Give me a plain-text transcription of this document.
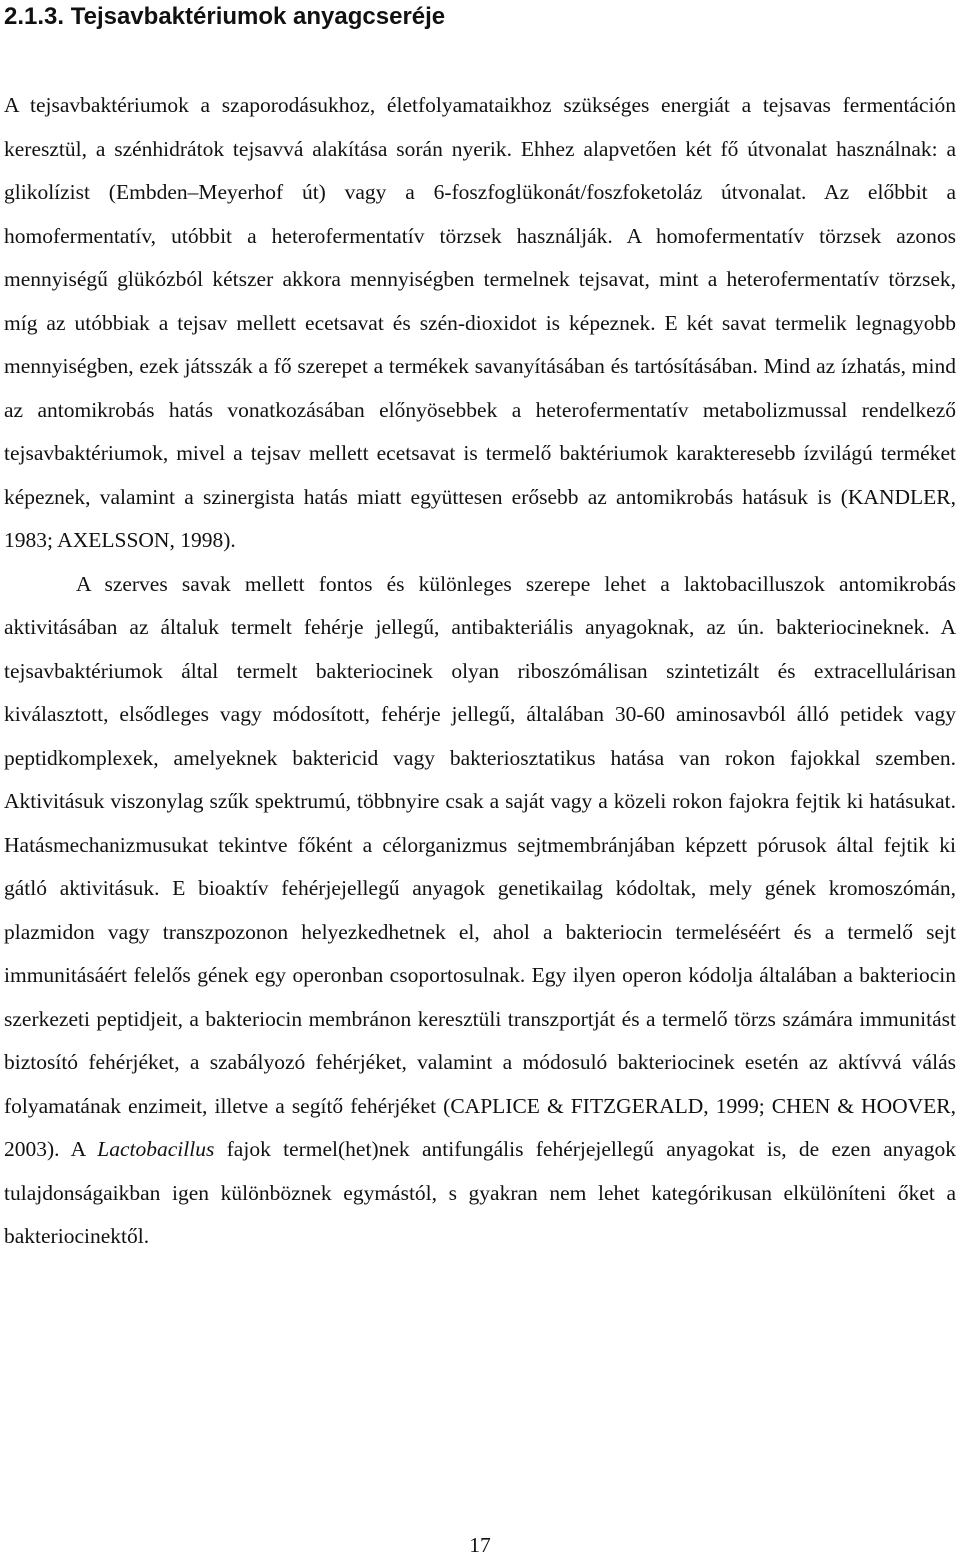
2.1.3. Tejsavbaktériumok anyagcseréje

A tejsavbaktériumok a szaporodásukhoz, életfolyamataikhoz szükséges energiát a tejsavas fermentáción keresztül, a szénhidrátok tejsavvá alakítása során nyerik. Ehhez alapvetően két fő útvonalat használnak: a glikolízist (Embden–Meyerhof út) vagy a 6-foszfoglükonát/foszfoketoláz útvonalat. Az előbbit a homofermentatív, utóbbit a heterofermentatív törzsek használják. A homofermentatív törzsek azonos mennyiségű glükózból kétszer akkora mennyiségben termelnek tejsavat, mint a heterofermentatív törzsek, míg az utóbbiak a tejsav mellett ecetsavat és szén-dioxidot is képeznek. E két savat termelik legnagyobb mennyiségben, ezek játsszák a fő szerepet a termékek savanyításában és tartósításában. Mind az ízhatás, mind az antomikrobás hatás vonatkozásában előnyösebbek a heterofermentatív metabolizmussal rendelkező tejsavbaktériumok, mivel a tejsav mellett ecetsavat is termelő baktériumok karakteresebb ízvilágú terméket képeznek, valamint a szinergista hatás miatt együttesen erősebb az antomikrobás hatásuk is (KANDLER, 1983; AXELSSON, 1998).

A szerves savak mellett fontos és különleges szerepe lehet a laktobacilluszok antomikrobás aktivitásában az általuk termelt fehérje jellegű, antibakteriális anyagoknak, az ún. bakteriocineknek. A tejsavbaktériumok által termelt bakteriocinek olyan riboszómálisan szintetizált és extracellulárisan kiválasztott, elsődleges vagy módosított, fehérje jellegű, általában 30-60 aminosavból álló petidek vagy peptidkomplexek, amelyeknek baktericid vagy bakteriosztatikus hatása van rokon fajokkal szemben. Aktivitásuk viszonylag szűk spektrumú, többnyire csak a saját vagy a közeli rokon fajokra fejtik ki hatásukat. Hatásmechanizmusukat tekintve főként a célorganizmus sejtmembránjában képzett pórusok által fejtik ki gátló aktivitásuk. E bioaktív fehérjejellegű anyagok genetikailag kódoltak, mely gének kromoszómán, plazmidon vagy transzpozonon helyezkedhetnek el, ahol a bakteriocin termeléséért és a termelő sejt immunitásáért felelős gének egy operonban csoportosulnak. Egy ilyen operon kódolja általában a bakteriocin szerkezeti peptidjeit, a bakteriocin membránon keresztüli transzportját és a termelő törzs számára immunitást biztosító fehérjéket, a szabályozó fehérjéket, valamint a módosuló bakteriocinek esetén az aktívvá válás folyamatának enzimeit, illetve a segítő fehérjéket (CAPLICE & FITZGERALD, 1999; CHEN & HOOVER, 2003). A Lactobacillus fajok termel(het)nek antifungális fehérjejellegű anyagokat is, de ezen anyagok tulajdonságaikban igen különböznek egymástól, s gyakran nem lehet kategórikusan elkülöníteni őket a bakteriocinektől.

17
